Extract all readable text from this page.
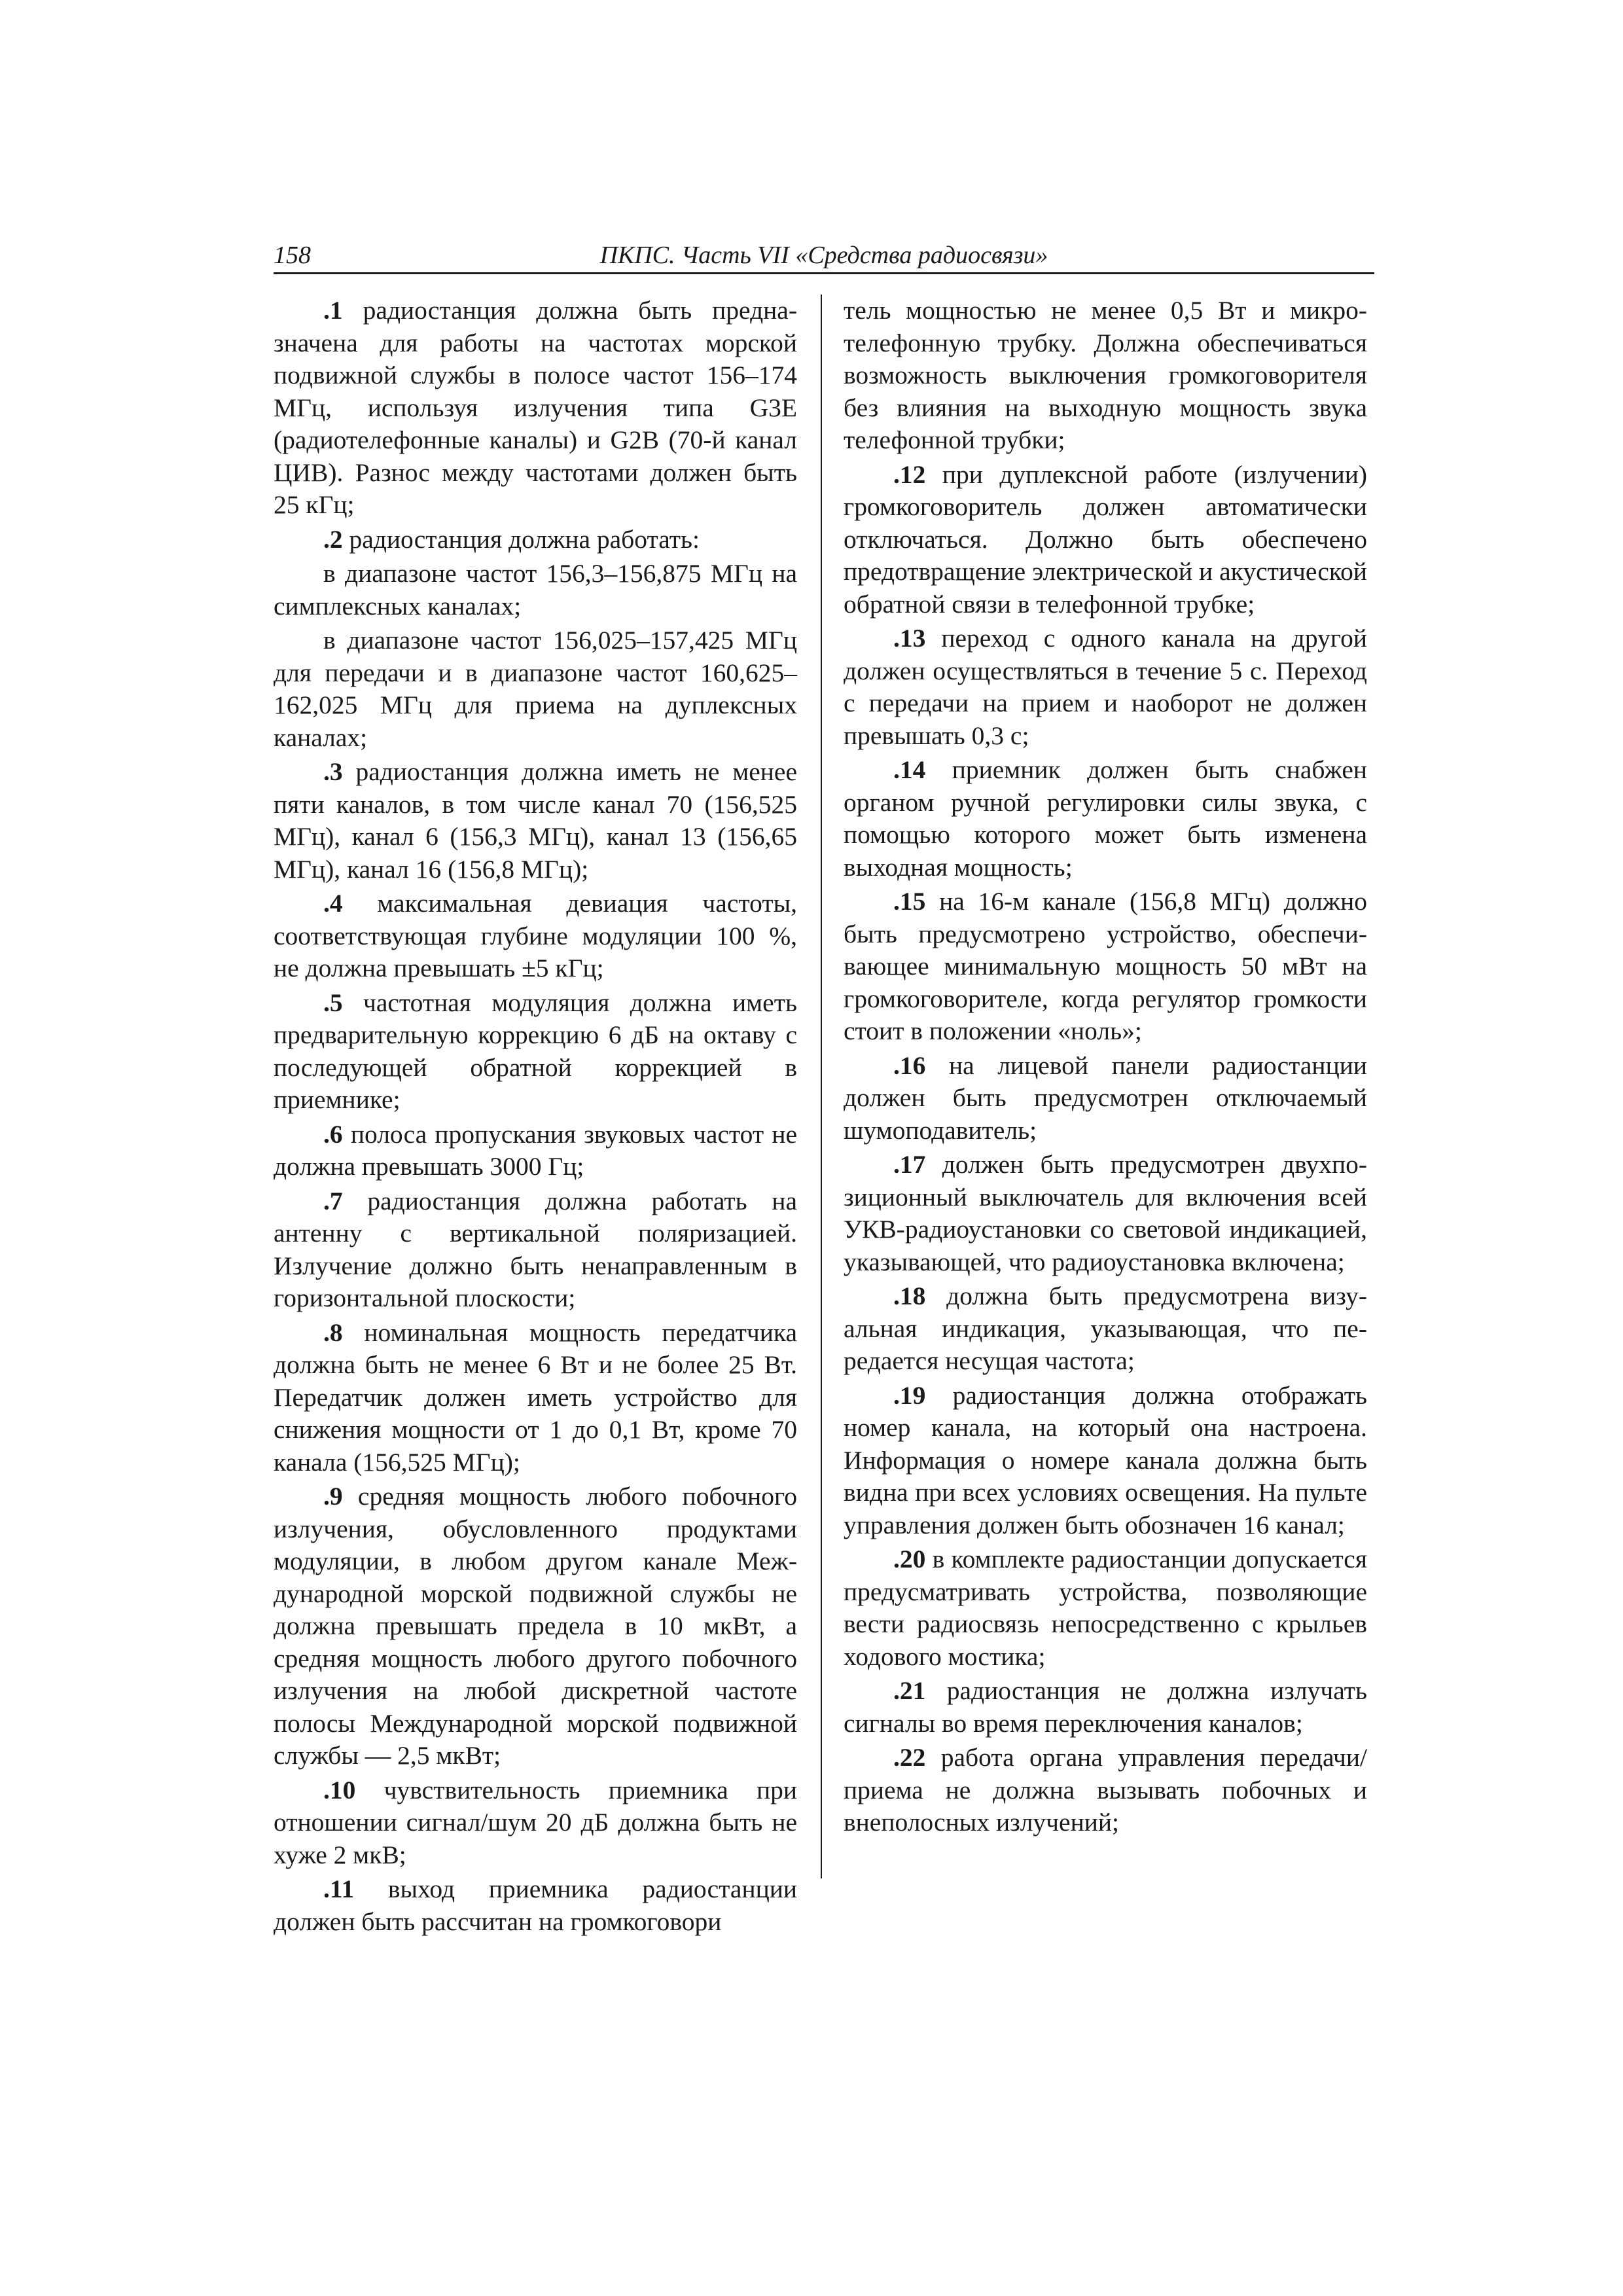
158	ПКПС. Часть VII «Средства радиосвязи»

.1 радиостанция должна быть предназначена для работы на частотах морской подвижной службы в полосе частот 156–174 МГц, используя излучения типа G3E (радиотелефонные каналы) и G2B (70-й канал ЦИВ). Разнос между частотами должен быть 25 кГц;

.2 радиостанция должна работать:

в диапазоне частот 156,3–156,875 МГц на симплексных каналах;

в диапазоне частот 156,025–157,425 МГц для передачи и в диапазоне частот 160,625–162,025 МГц для приема на дуплексных каналах;

.3 радиостанция должна иметь не менее пяти каналов, в том числе канал 70 (156,525 МГц), канал 6 (156,3 МГц), канал 13 (156,65 МГц), канал 16 (156,8 МГц);

.4 максимальная девиация частоты, соответствующая глубине модуляции 100 %, не должна превышать ±5 кГц;

.5 частотная модуляция должна иметь предварительную коррекцию 6 дБ на октаву с последующей обратной коррекцией в приемнике;

.6 полоса пропускания звуковых частот не должна превышать 3000 Гц;

.7 радиостанция должна работать на антенну с вертикальной поляризацией. Излучение должно быть ненаправленным в горизонтальной плоскости;

.8 номинальная мощность передатчика должна быть не менее 6 Вт и не более 25 Вт. Передатчик должен иметь устройство для снижения мощности от 1 до 0,1 Вт, кроме 70 канала (156,525 МГц);

.9 средняя мощность любого побочного излучения, обусловленного продуктами модуляции, в любом другом канале Международной морской подвижной службы не должна превышать предела в 10 мкВт, а средняя мощность любого другого побочного излучения на любой дискретной частоте полосы Международной морской подвижной службы — 2,5 мкВт;

.10 чувствительность приемника при отношении сигнал/шум 20 дБ должна быть не хуже 2 мкВ;

.11 выход приемника радиостанции должен быть рассчитан на громкоговори

тель мощностью не менее 0,5 Вт и микротелефонную трубку. Должна обеспечиваться возможность выключения громкоговорителя без влияния на выходную мощность звука телефонной трубки;

.12 при дуплексной работе (излучении) громкоговоритель должен автоматически отключаться. Должно быть обеспечено предотвращение электрической и акустической обратной связи в телефонной трубке;

.13 переход с одного канала на другой должен осуществляться в течение 5 с. Переход с передачи на прием и наоборот не должен превышать 0,3 с;

.14 приемник должен быть снабжен органом ручной регулировки силы звука, с помощью которого может быть изменена выходная мощность;

.15 на 16-м канале (156,8 МГц) должно быть предусмотрено устройство, обеспечивающее минимальную мощность 50 мВт на громкоговорителе, когда регулятор громкости стоит в положении «ноль»;

.16 на лицевой панели радиостанции должен быть предусмотрен отключаемый шумоподавитель;

.17 должен быть предусмотрен двухпозиционный выключатель для включения всей УКВ-радиоустановки со световой индикацией, указывающей, что радиоустановка включена;

.18 должна быть предусмотрена визуальная индикация, указывающая, что передается несущая частота;

.19 радиостанция должна отображать номер канала, на который она настроена. Информация о номере канала должна быть видна при всех условиях освещения. На пульте управления должен быть обозначен 16 канал;

.20 в комплекте радиостанции допускается предусматривать устройства, позволяющие вести радиосвязь непосредственно с крыльев ходового мостика;

.21 радиостанция не должна излучать сигналы во время переключения каналов;

.22 работа органа управления передачи/приема не должна вызывать побочных и внеполосных излучений;
